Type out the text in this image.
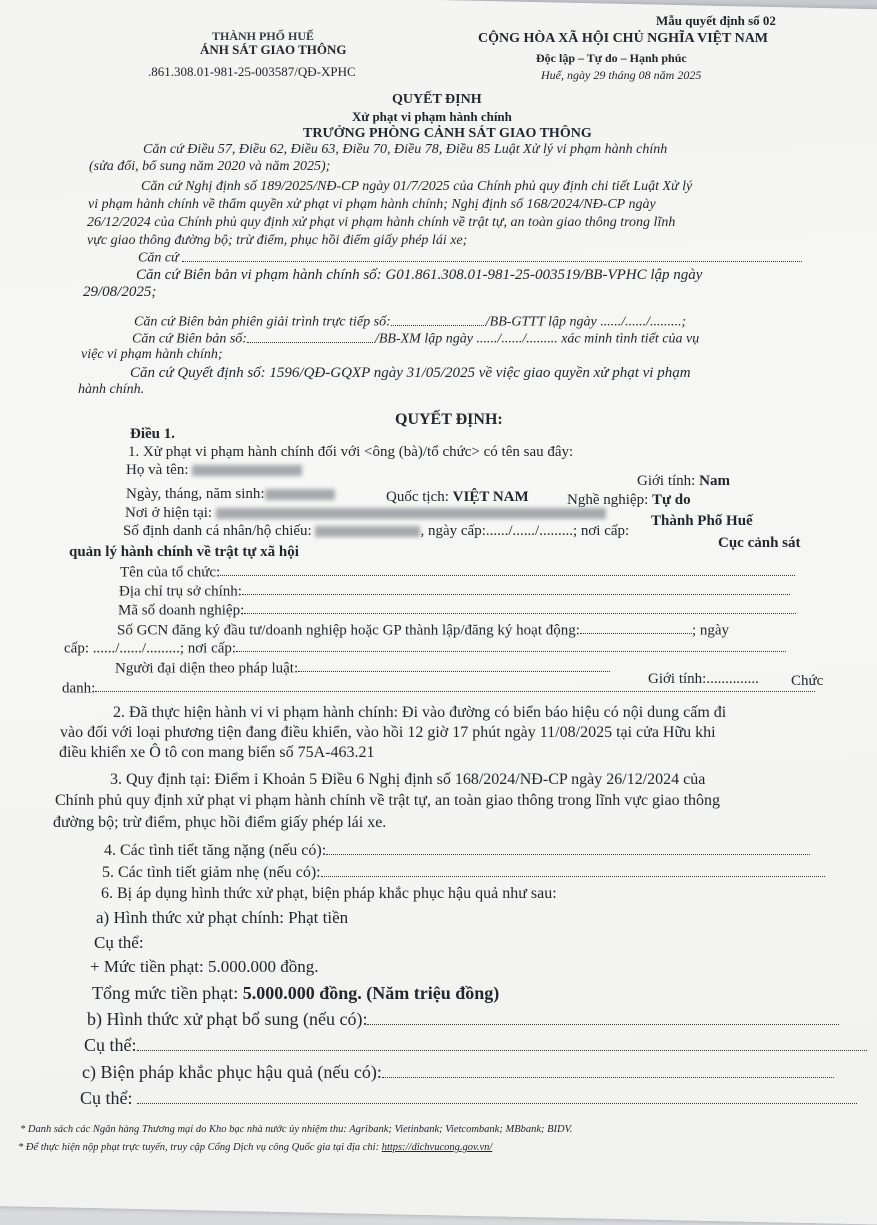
THÀNH PHỐ HUẾ
ÁNH SÁT GIAO THÔNG
.861.308.01-981-25-003587/QĐ-XPHC
Mẫu quyết định số 02
CỘNG HÒA XÃ HỘI CHỦ NGHĨA VIỆT NAM
Độc lập – Tự do – Hạnh phúc
Huế, ngày 29 tháng 08 năm 2025
QUYẾT ĐỊNH
Xử phạt vi phạm hành chính
TRƯỞNG PHÒNG CẢNH SÁT GIAO THÔNG
Căn cứ Điều 57, Điều 62, Điều 63, Điều 70, Điều 78, Điều 85 Luật Xử lý vi phạm hành chính
(sửa đổi, bổ sung năm 2020 và năm 2025);
Căn cứ Nghị định số 189/2025/NĐ-CP ngày 01/7/2025 của Chính phủ quy định chi tiết Luật Xử lý
vi phạm hành chính về thẩm quyền xử phạt vi phạm hành chính; Nghị định số 168/2024/NĐ-CP ngày
26/12/2024 của Chính phủ quy định xử phạt vi phạm hành chính về trật tự, an toàn giao thông trong lĩnh
vực giao thông đường bộ; trừ điểm, phục hồi điểm giấy phép lái xe;
Căn cứ
Căn cứ Biên bản vi phạm hành chính số: G01.861.308.01-981-25-003519/BB-VPHC lập ngày
29/08/2025;
Căn cứ Biên bản phiên giải trình trực tiếp số:	/BB-GTTT lập ngày ....../....../.........;
Căn cứ Biên bản số:	/BB-XM lập ngày ....../....../......... xác minh tình tiết của vụ
việc vi phạm hành chính;
Căn cứ Quyết định số: 1596/QĐ-GQXP ngày 31/05/2025 về việc giao quyền xử phạt vi phạm
hành chính.
QUYẾT ĐỊNH:
Điều 1.
1. Xử phạt vi phạm hành chính đối với <ông (bà)/tổ chức> có tên sau đây:
Họ và tên:
Giới tính: Nam
Ngày, tháng, năm sinh:	Quốc tịch: VIỆT NAM	Nghề nghiệp: Tự do
Nơi ở hiện tại:	Thành Phố Huế
Số định danh cá nhân/hộ chiếu:	, ngày cấp:....../....../.........; nơi cấp:
Cục cảnh sát
quản lý hành chính về trật tự xã hội
Tên của tổ chức:
Địa chỉ trụ sở chính:
Mã số doanh nghiệp:
Số GCN đăng ký đầu tư/doanh nghiệp hoặc GP thành lập/đăng ký hoạt động:	; ngày
cấp: ....../....../.........; nơi cấp:
Người đại diện theo pháp luật:
Giới tính:.............. Chức
danh:
2. Đã thực hiện hành vi vi phạm hành chính: Đi vào đường có biển báo hiệu có nội dung cấm đi
vào đối với loại phương tiện đang điều khiển, vào hồi 12 giờ 17 phút ngày 11/08/2025 tại cửa Hữu khi
điều khiển xe Ô tô con mang biển số 75A-463.21
3. Quy định tại: Điểm i Khoản 5 Điều 6 Nghị định số 168/2024/NĐ-CP ngày 26/12/2024 của
Chính phủ quy định xử phạt vi phạm hành chính về trật tự, an toàn giao thông trong lĩnh vực giao thông
đường bộ; trừ điểm, phục hồi điểm giấy phép lái xe.
4. Các tình tiết tăng nặng (nếu có):
5. Các tình tiết giảm nhẹ (nếu có):
6. Bị áp dụng hình thức xử phạt, biện pháp khắc phục hậu quả như sau:
a) Hình thức xử phạt chính: Phạt tiền
Cụ thể:
+ Mức tiền phạt: 5.000.000 đồng.
Tổng mức tiền phạt: 5.000.000 đồng. (Năm triệu đồng)
b) Hình thức xử phạt bổ sung (nếu có):
Cụ thể:
c) Biện pháp khắc phục hậu quả (nếu có):
Cụ thể:
* Danh sách các Ngân hàng Thương mại do Kho bạc nhà nước ủy nhiệm thu: Agribank; Vietinbank; Vietcombank; MBbank; BIDV.
* Để thực hiện nộp phạt trực tuyến, truy cập Cổng Dịch vụ công Quốc gia tại địa chỉ: https://dichvucong.gov.vn/
